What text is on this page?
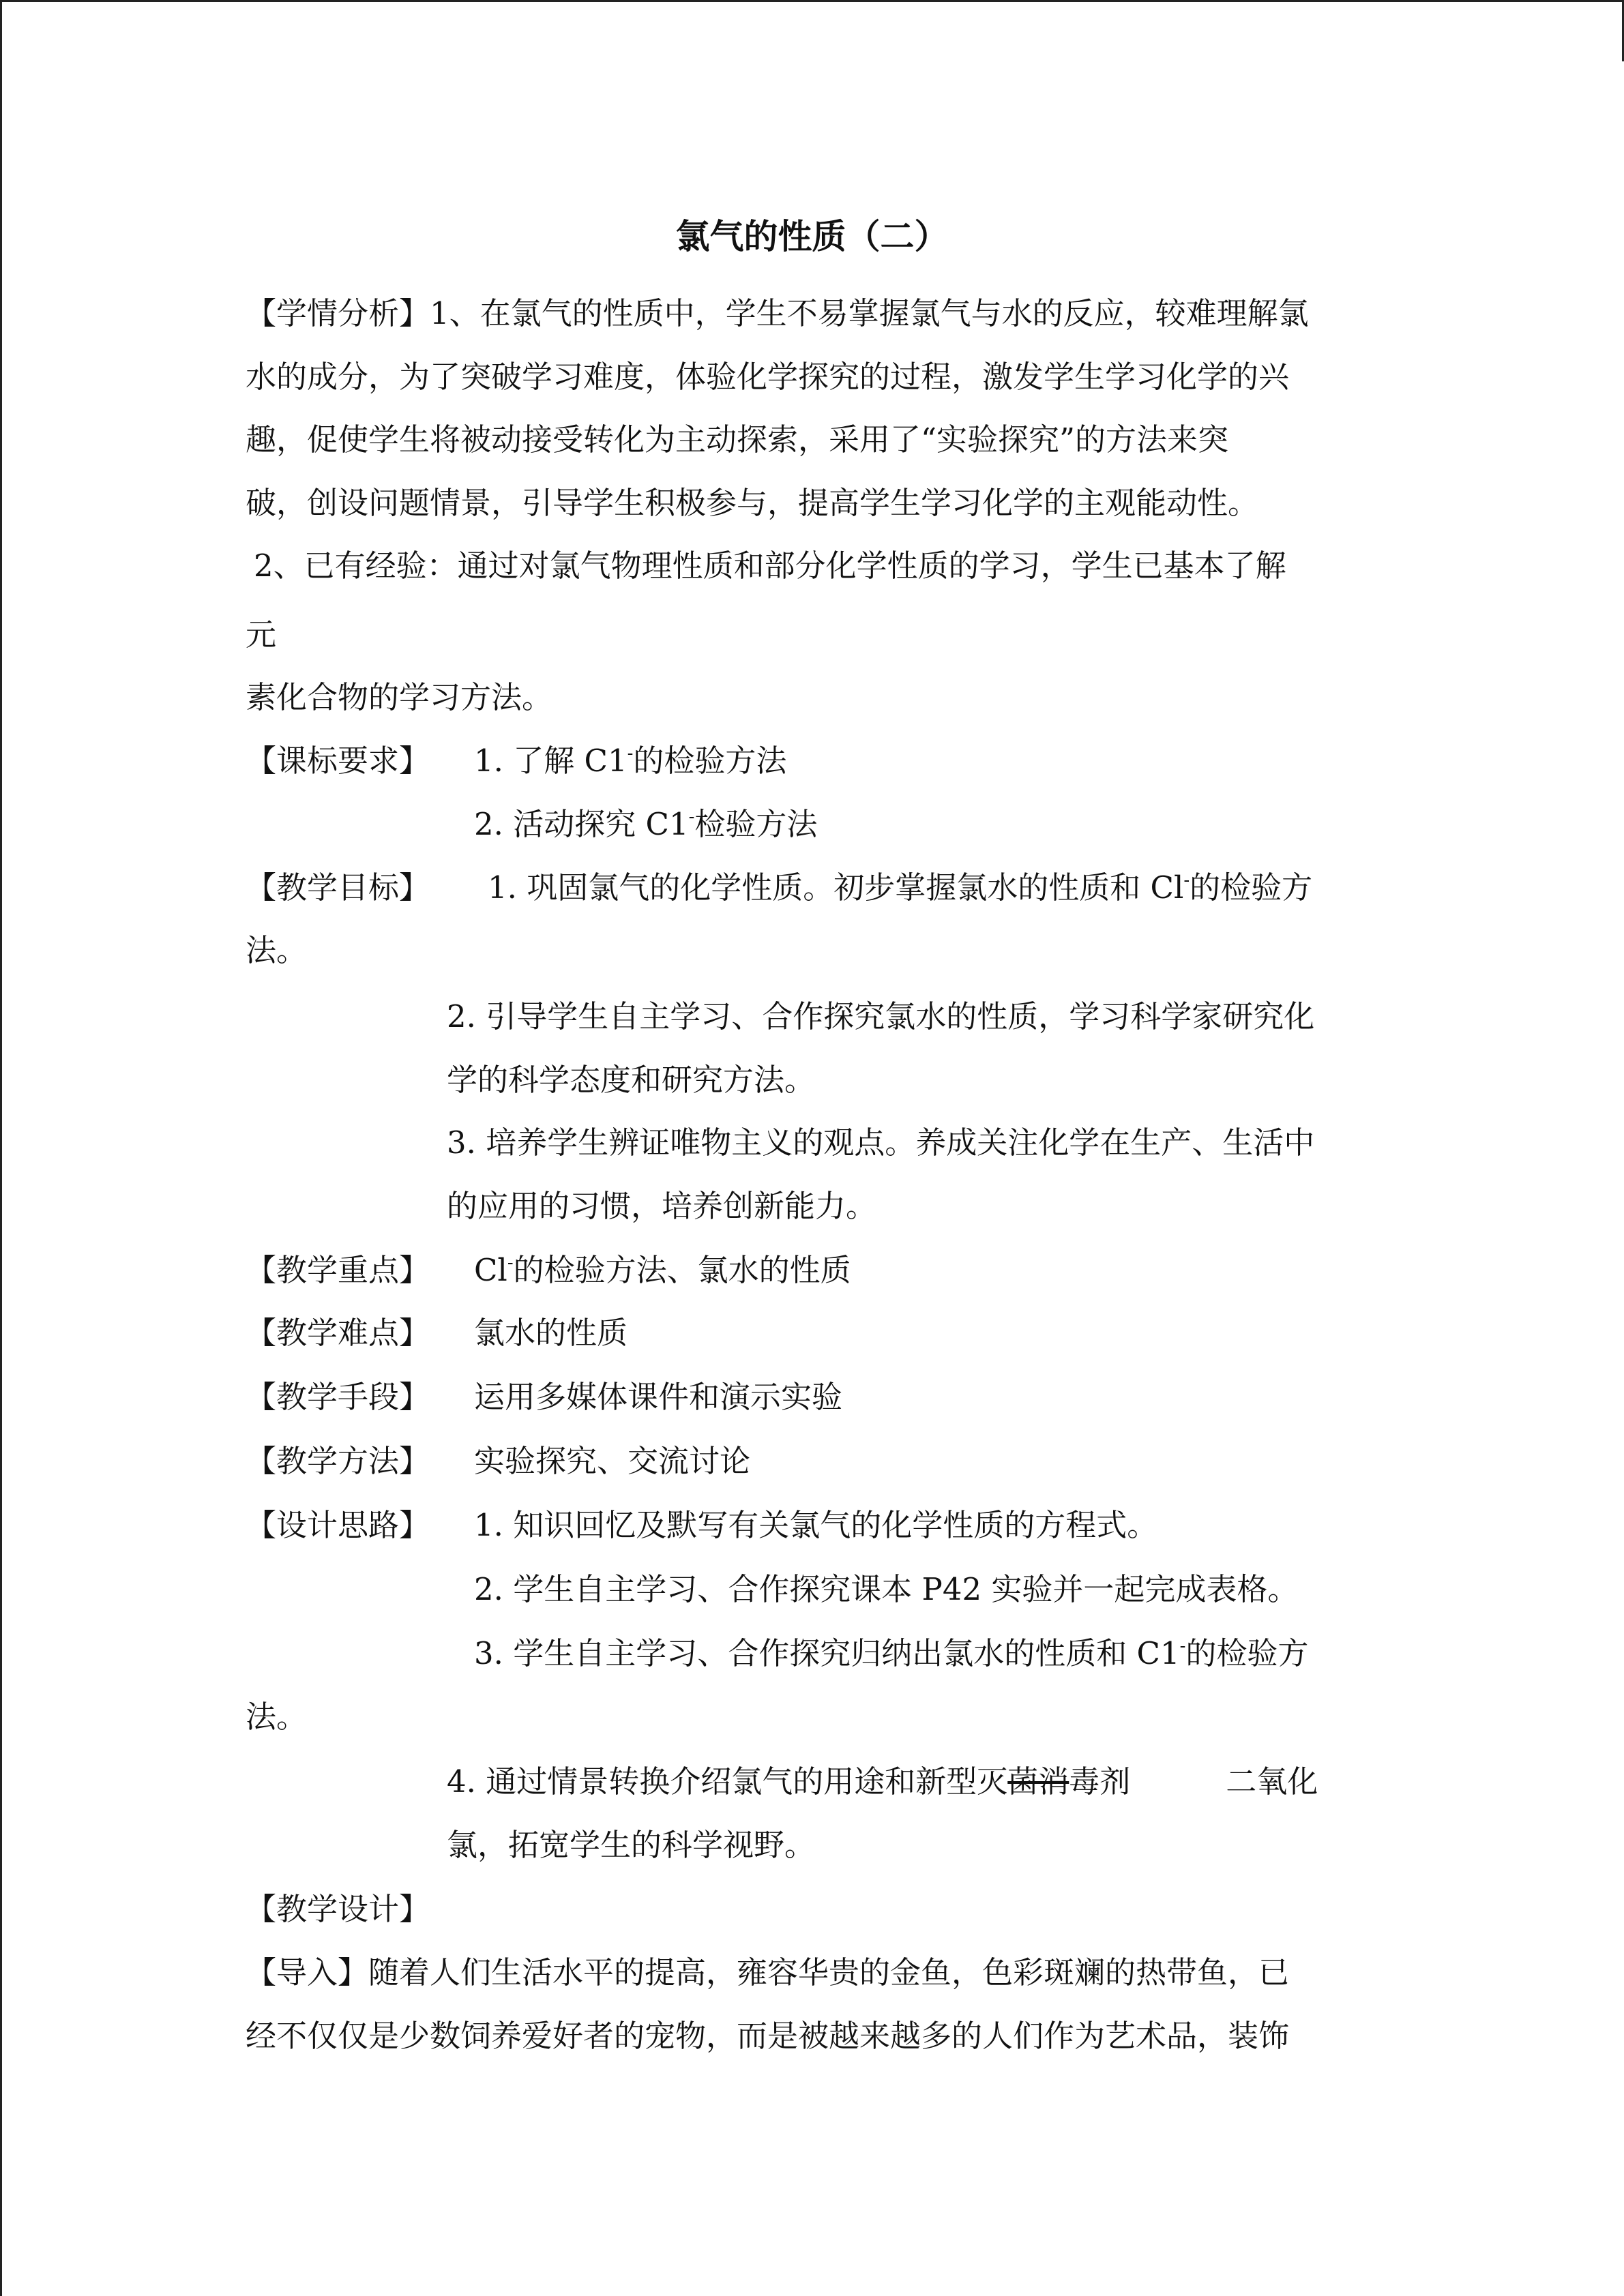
氯气的性质（二）
【学情分析】1、在氯气的性质中，学生不易掌握氯气与水的反应，较难理解氯
水的成分，为了突破学习难度，体验化学探究的过程，激发学生学习化学的兴
趣，促使学生将被动接受转化为主动探索，采用了“实验探究”的方法来突
破，创设问题情景，引导学生积极参与，提高学生学习化学的主观能动性。
2、已有经验：通过对氯气物理性质和部分化学性质的学习，学生已基本了解
元
素化合物的学习方法。
【课标要求】 1. 了解 C1-的检验方法
2. 活动探究 C1-检验方法
【教学目标】 1. 巩固氯气的化学性质。初步掌握氯水的性质和 Cl-的检验方
法。
2. 引导学生自主学习、合作探究氯水的性质，学习科学家研究化
学的科学态度和研究方法。
3. 培养学生辨证唯物主义的观点。养成关注化学在生产、生活中
的应用的习惯，培养创新能力。
【教学重点】 Cl-的检验方法、氯水的性质
【教学难点】 氯水的性质
【教学手段】 运用多媒体课件和演示实验
【教学方法】 实验探究、交流讨论
【设计思路】 1. 知识回忆及默写有关氯气的化学性质的方程式。
2. 学生自主学习、合作探究课本 P42 实验并一起完成表格。
3. 学生自主学习、合作探究归纳出氯水的性质和 C1-的检验方
法。
4. 通过情景转换介绍氯气的用途和新型灭菌消毒剂	二氧化
氯，拓宽学生的科学视野。
【教学设计】
【导入】随着人们生活水平的提高，雍容华贵的金鱼，色彩斑斓的热带鱼，已
经不仅仅是少数饲养爱好者的宠物，而是被越来越多的人们作为艺术品，装饰
